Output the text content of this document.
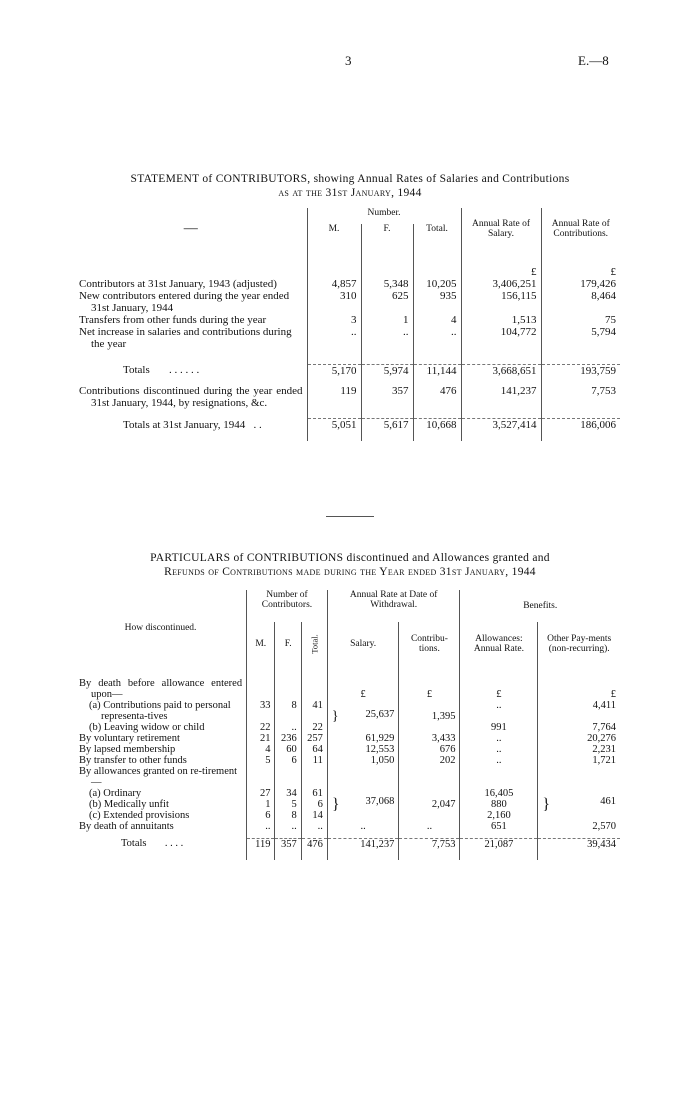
3	E.—8
STATEMENT of CONTRIBUTORS, showing Annual Rates of Salaries and Contributions
as at the 31st January, 1944
—	Number.			Annual Rate of Salary.	Annual Rate of Contributions.
	M.	F.	Total.		
				£	£
Contributors at 31st January, 1943 (adjusted)	4,857	5,348	10,205	3,406,251	179,426
New contributors entered during the year ended 31st January, 1944	310	625	935	156,115	8,464
Transfers from other funds during the year	3	1	4	1,513	75
Net increase in salaries and contributions during the year	..	..	..	104,772	5,794

Totals . . . . . .	5,170	5,974	11,144	3,668,651	193,759

Contributions discontinued during the year ended 31st January, 1944, by resignations, &c.	119	357	476	141,237	7,753

Totals at 31st January, 1944 . .	5,051	5,617	10,668	3,527,414	186,006

PARTICULARS of CONTRIBUTIONS discontinued and Allowances granted and
Refunds of Contributions made during the Year ended 31st January, 1944
How discontinued.	Number of Contributors.			Annual Rate at Date of Withdrawal.		Benefits.	
	M.	F.	Total.	Salary.	Contribu-tions.	Allowances: Annual Rate.	Other Pay-ments (non-recurring).

By death before allowance entered upon—				£	£	£	£
(a) Contributions paid to personal representa-tives	33	8	41	} 25,637	1,395	..	4,411
(b) Leaving widow or child	22	..	22			991	7,764
By voluntary retirement	21	236	257	61,929	3,433	..	20,276
By lapsed membership	4	60	64	12,553	676	..	2,231
By transfer to other funds	5	6	11	1,050	202	..	1,721
By allowances granted on re-tirement—							
(a) Ordinary	27	34	61	} 37,068	2,047	16,405	} 461
(b) Medically unfit	1	5	6			880	
(c) Extended provisions	6	8	14			2,160	
By death of annuitants	..	..	..	..	..	651	2,570

Totals . . . .	119	357	476	141,237	7,753	21,087	39,434
